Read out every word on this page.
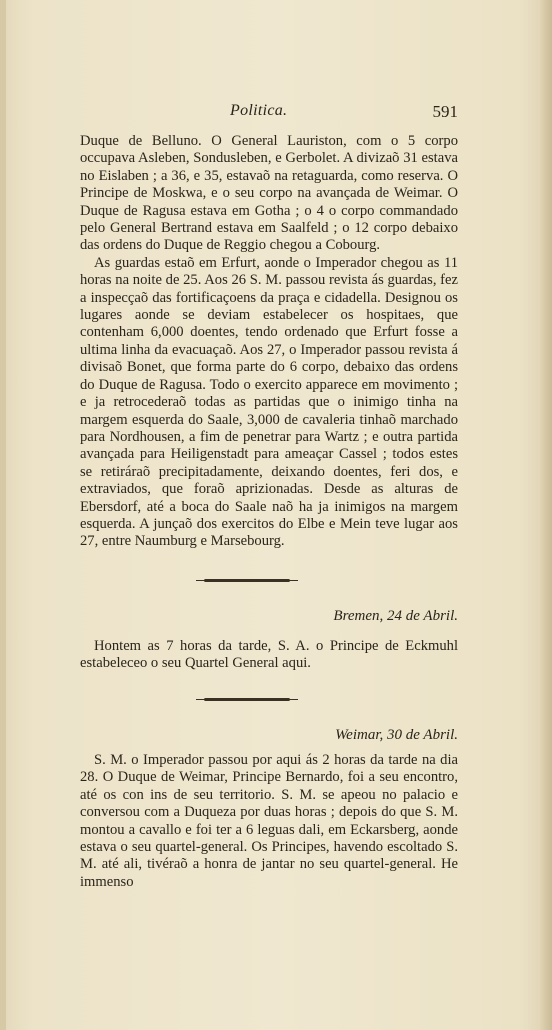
Politica.	591

Duque de Belluno. O General Lauriston, com o 5 corpo occupava Asleben, Sondusleben, e Gerbolet. A divizaõ 31 estava no Eislaben ; a 36, e 35, estavaõ na retaguarda, como reserva. O Principe de Moskwa, e o seu corpo na avançada de Weimar. O Duque de Ragusa estava em Gotha ; o 4 o corpo commandado pelo General Bertrand estava em Saalfeld ; o 12 corpo debaixo das ordens do Duque de Reggio chegou a Cobourg.

As guardas estaõ em Erfurt, aonde o Imperador chegou as 11 horas na noite de 25. Aos 26 S. M. passou revista ás guardas, fez a inspecçaõ das fortificaçoens da praça e cidadella. Designou os lugares aonde se deviam estabelecer os hospitaes, que contenham 6,000 doentes, tendo ordenado que Erfurt fosse a ultima linha da evacuaçaõ. Aos 27, o Imperador passou revista á divisaõ Bonet, que forma parte do 6 corpo, debaixo das ordens do Duque de Ragusa. Todo o exercito apparece em movimento ; e ja retrocederaõ todas as partidas que o inimigo tinha na margem esquerda do Saale, 3,000 de cavaleria tinhaõ marchado para Nordhousen, a fim de penetrar para Wartz ; e outra partida avançada para Heiligenstadt para ameaçar Cassel ; todos estes se retiráraõ precipitadamente, deixando doentes, feri dos, e extraviados, que foraõ aprizionadas. Desde as alturas de Ebersdorf, até a boca do Saale naõ ha ja inimigos na margem esquerda. A junçaõ dos exercitos do Elbe e Mein teve lugar aos 27, entre Naumburg e Marsebourg.

Bremen, 24 de Abril.

Hontem as 7 horas da tarde, S. A. o Principe de Eckmuhl estabeleceo o seu Quartel General aqui.

Weimar, 30 de Abril.

S. M. o Imperador passou por aqui ás 2 horas da tarde na dia 28. O Duque de Weimar, Principe Bernardo, foi a seu encontro, até os con ins de seu territorio. S. M. se apeou no palacio e conversou com a Duqueza por duas horas ; depois do que S. M. montou a cavallo e foi ter a 6 leguas dali, em Eckarsberg, aonde estava o seu quartel-general. Os Principes, havendo escoltado S. M. até ali, tivéraõ a honra de jantar no seu quartel-general. He immenso
